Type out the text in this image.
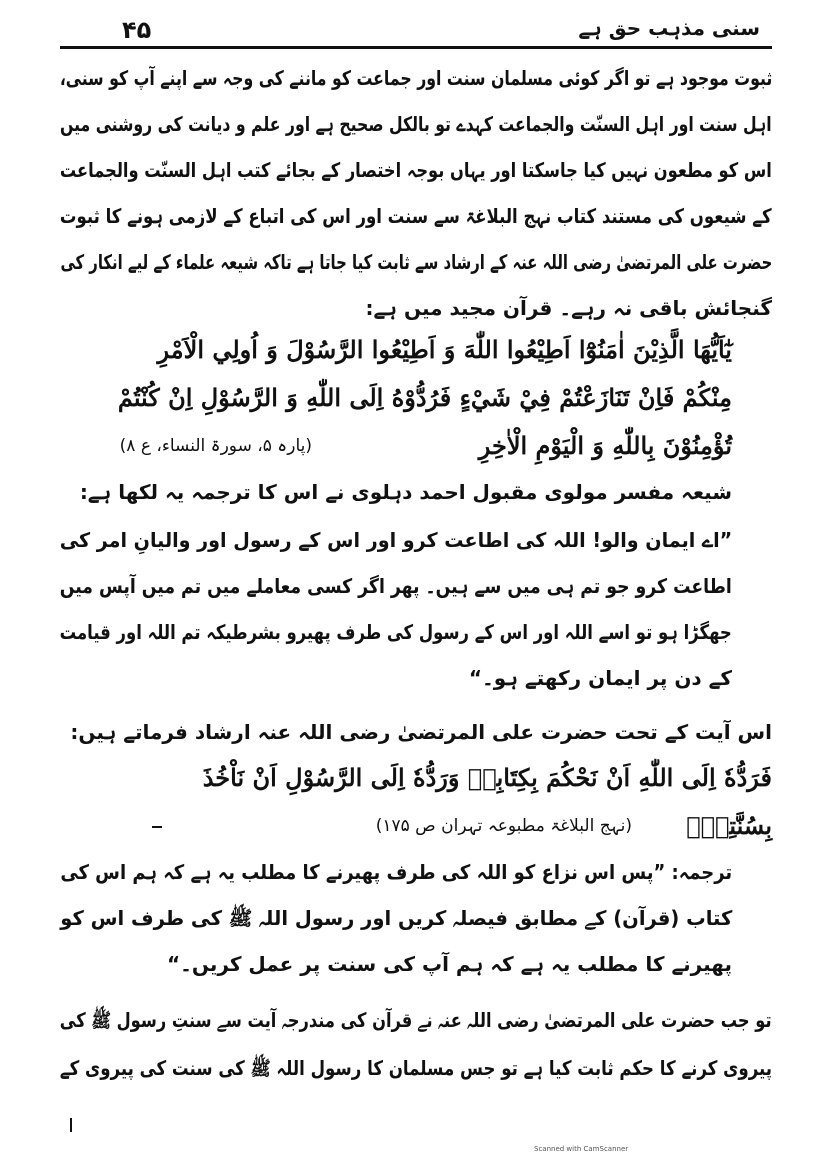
۴۵	سنی مذہب حق ہے
ثبوت موجود ہے تو اگر کوئی مسلمان سنت اور جماعت کو ماننے کی وجہ سے اپنے آپ کو سنی،
اہل سنت اور اہل السنّت والجماعت کہدے تو بالکل صحیح ہے اور علم و دیانت کی روشنی میں
اس کو مطعون نہیں کیا جاسکتا اور یہاں بوجہ اختصار کے بجائے کتب اہل السنّت والجماعت
کے شیعوں کی مستند کتاب نہج البلاغۃ سے سنت اور اس کی اتباع کے لازمی ہونے کا ثبوت
حضرت علی المرتضیٰ رضی اللہ عنہ کے ارشاد سے ثابت کیا جاتا ہے تاکہ شیعہ علماء کے لیے انکار کی
گنجائش باقی نہ رہے۔ قرآن مجید میں ہے:
يٰٓاَيُّهَا الَّذِيْنَ اٰمَنُوْٓا اَطِيْعُوا اللّٰهَ وَ اَطِيْعُوا الرَّسُوْلَ وَ اُولِي الْاَمْرِ
مِنْكُمْ فَاِنْ تَنَازَعْتُمْ فِيْ شَيْءٍ فَرُدُّوْهُ اِلَى اللّٰهِ وَ الرَّسُوْلِ اِنْ كُنْتُمْ
تُؤْمِنُوْنَ بِاللّٰهِ وَ الْيَوْمِ الْاٰخِرِ
(پارہ ۵، سورۃ النساء، ع ۸)
شیعہ مفسر مولوی مقبول احمد دہلوی نے اس کا ترجمہ یہ لکھا ہے:
”اے ایمان والو! اللہ کی اطاعت کرو اور اس کے رسول اور والیانِ امر کی
اطاعت کرو جو تم ہی میں سے ہیں۔ پھر اگر کسی معاملے میں تم میں آپس میں
جھگڑا ہو تو اسے اللہ اور اس کے رسول کی طرف پھیرو بشرطیکہ تم اللہ اور قیامت
کے دن پر ایمان رکھتے ہو۔“
اس آیت کے تحت حضرت علی المرتضیٰ رضی اللہ عنہ ارشاد فرماتے ہیں:
فَرَدُّهٗ اِلَى اللّٰهِ اَنْ نَحْكُمَ بِكِتَابِهٖ وَرَدُّهٗ اِلَى الرَّسُوْلِ اَنْ نَاْخُذَ
بِسُنَّتِهٖ۔
(نہج البلاغۃ مطبوعہ تہران ص ۱۷۵)
ترجمہ: ”پس اس نزاع کو اللہ کی طرف پھیرنے کا مطلب یہ ہے کہ ہم اس کی
کتاب (قرآن) کے مطابق فیصلہ کریں اور رسول اللہ ﷺ کی طرف اس کو
پھیرنے کا مطلب یہ ہے کہ ہم آپ کی سنت پر عمل کریں۔“
تو جب حضرت علی المرتضیٰ رضی اللہ عنہ نے قرآن کی مندرجہ آیت سے سنتِ رسول ﷺ کی
پیروی کرنے کا حکم ثابت کیا ہے تو جس مسلمان کا رسول اللہ ﷺ کی سنت کی پیروی کے
Scanned with CamScanner
